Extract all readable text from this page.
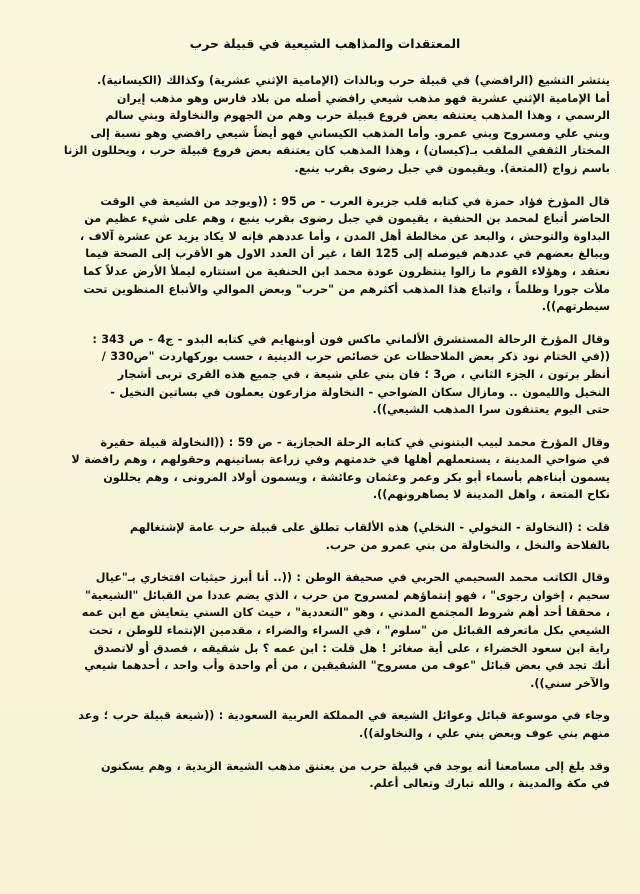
المعتقدات والمذاهب الشيعية في قبيلة حرب
ينتشر التشيع (الرافضي) في قبيلة حرب وبالذات (الإمامية الإثني عشرية) وكذالك (الكيسانية).
أما الإمامية الإثني عشرية فهو مذهب شيعي رافضي أصله من بلاد فارس وهو مذهب إيران
الرسمي ، وهذا المذهب يعتنقه بعض فروع قبيلة حرب وهم من الجهوم والنخاولة وبني سالم
وبني علي ومسروح وبني عمرو. وأما المذهب الكيساني فهو أيضاً شيعي رافضي وهو نسبة إلى
المختار الثقفي الملقب بـ(كيسان) ، وهذا المذهب كان يعتنقه بعض فروع قبيلة حرب ، ويحللون الزنا
باسم زواج (المتعة). ويقيمون في جبل رضوى بقرب ينبع.
قال المؤرخ فؤاد حمزة في كتابه قلب جزيرة العرب - ص 95 : ((ويوجد من الشيعة في الوقت
الحاضر أتباع لمحمد بن الحنفية ، يقيمون في جبل رضوى بقرب ينبع ، وهم على شيء عظيم من
البداوة والتوحش ، والبعد عن مخالطة أهل المدن ، وأما عددهم فإنه لا يكاد يزيد عن عشرة آلاف ،
ويبالغ بعضهم في عددهم فيوصله إلى 125 الفا ، غير أن العدد الاول هو الأقرب إلى الصحة فيما
نعتقد ، وهؤلاء القوم ما زالوا ينتظرون عودة محمد ابن الحنفية من استتاره ليملأ الأرض عدلاً كما
ملأت جورا وظلماً ، واتباع هذا المذهب أكثرهم من "حرب" وبعض الموالي والأتباع المنظوين تحت
سيطرتهم)).
وقال المؤرخ الرحالة المستشرق الألماني ماكس فون أوبنهايم في كتابه البدو - ج4 - ص 343 :
((في الختام نود ذكر بعض الملاحظات عن خصائص حرب الدينية ، حسب بوركهاردت "ص330 /
أنظر برتون ، الجزء الثاني ، ص3 ؛ فان بني علي شيعة ، في جميع هذه القرى تربى أشجار
النخيل والليمون .. ومازال سكان الضواحي - النخاولة مزارعون يعملون في بساتين النخيل -
حتى اليوم يعتنقون سرا المذهب الشيعي)).
وقال المؤرخ محمد لبيب البتنوني في كتابه الرحلة الحجازية - ص 59 : ((النخاولة قبيلة حقيرة
في ضواحي المدينة ، يستعملهم أهلها في خدمتهم وفي زراعة بساتينهم وحقولهم ، وهم رافضة لا
يسمون أبناءهم بأسماء أبو بكر وعمر وعثمان وعائشة ، ويسمون أولاد المرونى ، وهم يحللون
نكاح المتعة ، واهل المدينة لا يصاهرونهم)).
قلت : (النخاولة - النخولي - النخلي) هذه الألقاب تطلق على قبيلة حرب عامة لإشتغالهم
بالفلاحة والنخل ، والنخاولة من بني عمرو من حرب.
وقال الكاتب محمد السحيمي الحربي في صحيفة الوطن : ((.. أنا أبرز حيثيات افتخاري بـ"عيال
سحيم ، إخوان رجوى" ، فهو إنتماؤهم لمسروح من حرب ، الذي يضم عددا من القبائل "الشيعية"
، محققا أحد أهم شروط المجتمع المدني ، وهو "التعددية" ، حيث كان السني يتعايش مع ابن عمه
الشيعي بكل ماتعرفه القبائل من "سلوم" ، في السراء والضراء ، مقدمين الإنتماء للوطن ، تحت
راية ابن سعود الخضراء ، على أية صغائر ! هل قلت : ابن عمه ؟ بل شقيقه ، فصدق أو لاتصدق
أنك تجد في بعض قبائل "عوف من مسروح" الشقيقين ، من أم واحدة وأب واحد ، أحدهما شيعي
والآخر سني)).
وجاء في موسوعة قبائل وعوائل الشيعة في المملكة العربية السعودية : ((شيعة قبيلة حرب ؛ وعد
منهم بني عوف وبعض بني علي ، والنخاولة)).
وقد بلغ إلى مسامعنا أنه يوجد في قبيلة حرب من يعتنق مذهب الشيعة الزيدية ، وهم يسكنون
في مكة والمدينة ، والله تبارك وتعالى أعلم.
